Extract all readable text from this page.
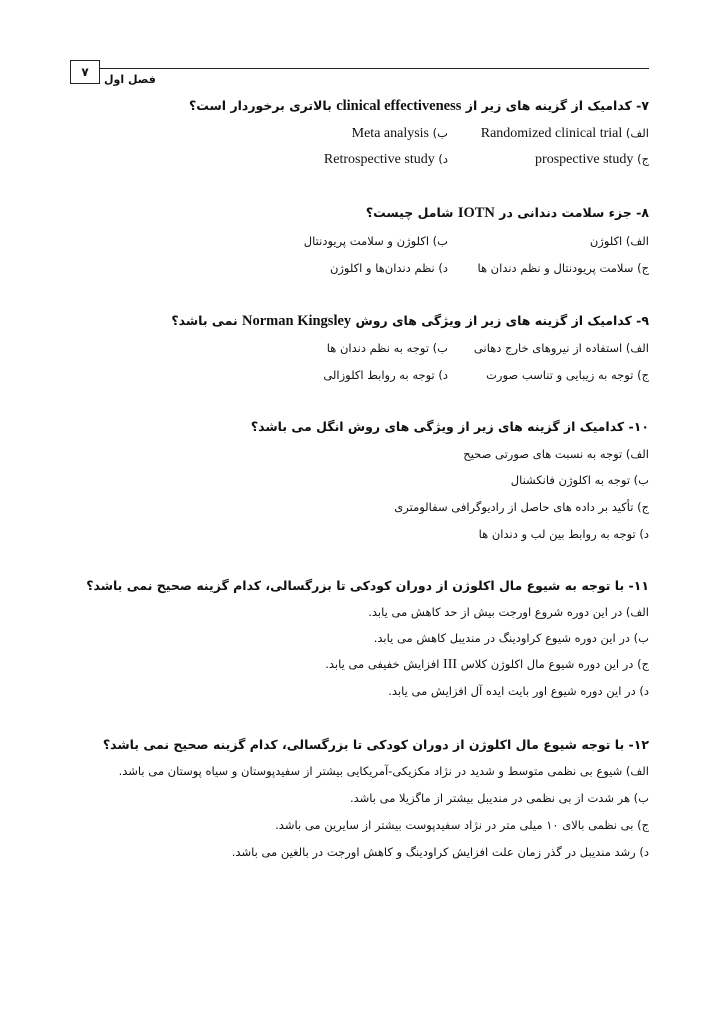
۷
فصل اول
۷- کدامیک از گزینه های زیر از clinical effectiveness بالاتری برخوردار است؟
الف) Randomized clinical trial
ب) Meta analysis
ج) prospective study
د) Retrospective study
۸- جزء سلامت دندانی در IOTN شامل چیست؟
الف) اکلوژن
ب) اکلوژن و سلامت پریودنتال
ج) سلامت پریودنتال و نظم دندان ها
د) نظم دندان‌ها و اکلوژن
۹- کدامیک از گزینه های زیر از ویژگی های روش Norman Kingsley نمی باشد؟
الف) استفاده از نیروهای خارج دهانی
ب) توجه به نظم دندان ها
ج) توجه به زیبایی و تناسب صورت
د) توجه به روابط اکلوزالی
۱۰- کدامیک از گزینه های زیر از ویژگی های روش انگل می باشد؟
الف) توجه به نسبت های صورتی صحیح
ب) توجه به اکلوژن فانکشنال
ج) تأکید بر داده های حاصل از رادیوگرافی سفالومتری
د) توجه به روابط بین لب و دندان ها
۱۱- با توجه به شیوع مال اکلوژن از دوران کودکی تا بزرگسالی، کدام گزینه صحیح نمی باشد؟
الف) در این دوره شروع اورجت بیش از حد کاهش می یابد.
ب) در این دوره شیوع کراودینگ در مندیبل کاهش می یابد.
ج) در این دوره شیوع مال اکلوژن کلاس III افزایش خفیفی می یابد.
د) در این دوره شیوع اور بایت ایده آل افزایش می یابد.
۱۲- با توجه شیوع مال اکلوژن از دوران کودکی تا بزرگسالی، کدام گزینه صحیح نمی باشد؟
الف) شیوع بی نظمی متوسط و شدید در نژاد مکزیکی-آمریکایی بیشتر از سفیدپوستان و سیاه پوستان می باشد.
ب) هر شدت از بی نظمی در مندیبل بیشتر از ماگزیلا می باشد.
ج) بی نظمی بالای ۱۰ میلی متر در نژاد سفیدپوست بیشتر از سایرین می باشد.
د) رشد مندیبل در گذر زمان علت افزایش کراودینگ و کاهش اورجت در بالغین می باشد.
